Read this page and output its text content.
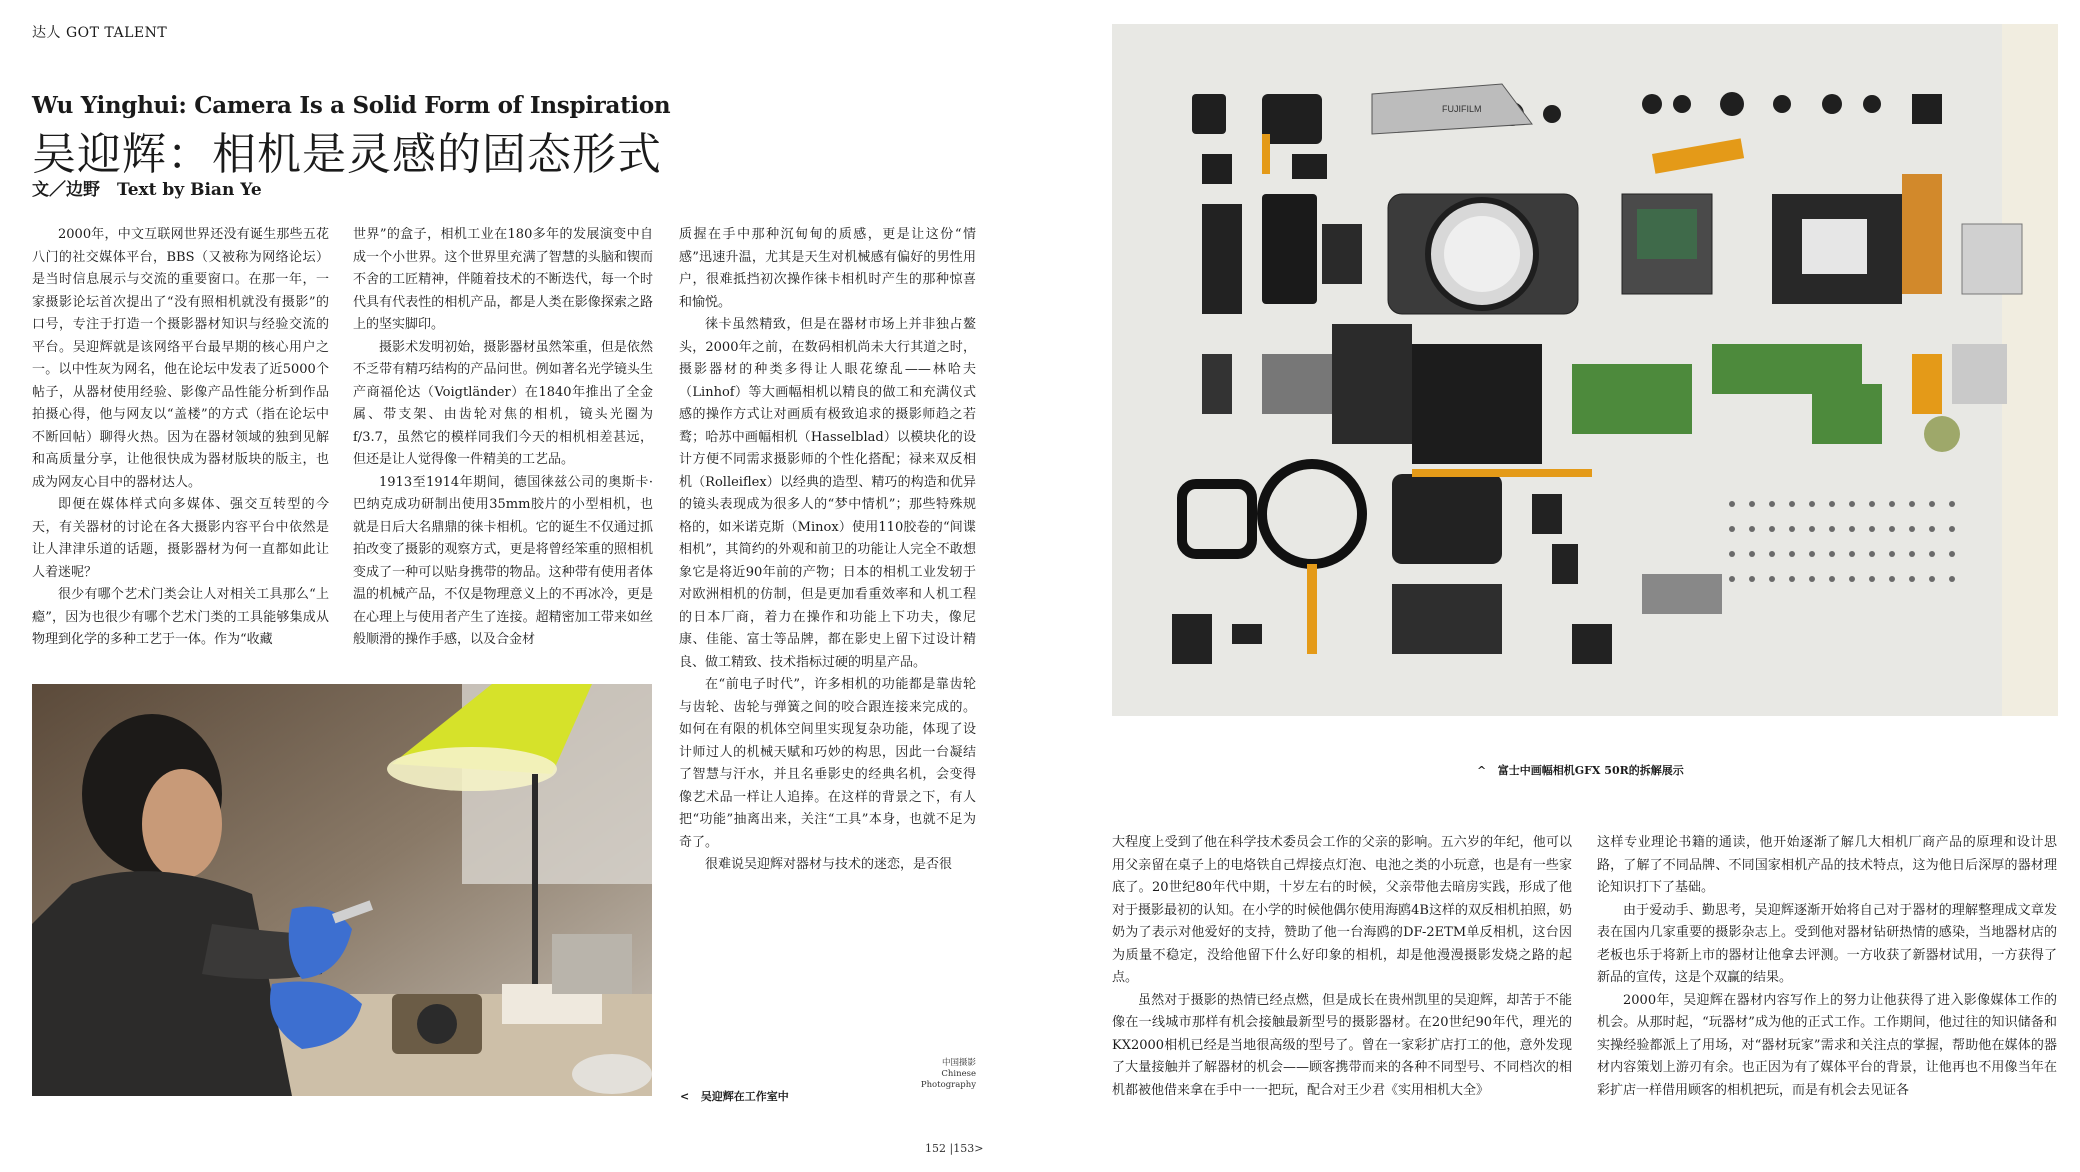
达人 GOT TALENT
Wu Yinghui: Camera Is a Solid Form of Inspiration
吴迎辉：相机是灵感的固态形式
文／边野　Text by Bian Ye

2000年，中文互联网世界还没有诞生那些五花八门的社交媒体平台，BBS（又被称为网络论坛）是当时信息展示与交流的重要窗口。在那一年，一家摄影论坛首次提出了“没有照相机就没有摄影”的口号，专注于打造一个摄影器材知识与经验交流的平台。吴迎辉就是该网络平台最早期的核心用户之一。以中性灰为网名，他在论坛中发表了近5000个帖子，从器材使用经验、影像产品性能分析到作品拍摄心得，他与网友以“盖楼”的方式（指在论坛中不断回帖）聊得火热。因为在器材领域的独到见解和高质量分享，让他很快成为器材版块的版主，也成为网友心目中的器材达人。

即便在媒体样式向多媒体、强交互转型的今天，有关器材的讨论在各大摄影内容平台中依然是让人津津乐道的话题，摄影器材为何一直都如此让人着迷呢？

很少有哪个艺术门类会让人对相关工具那么“上瘾”，因为也很少有哪个艺术门类的工具能够集成从物理到化学的多种工艺于一体。作为“收藏

世界”的盒子，相机工业在180多年的发展演变中自成一个小世界。这个世界里充满了智慧的头脑和锲而不舍的工匠精神，伴随着技术的不断迭代，每一个时代具有代表性的相机产品，都是人类在影像探索之路上的坚实脚印。

摄影术发明初始，摄影器材虽然笨重，但是依然不乏带有精巧结构的产品问世。例如著名光学镜头生产商福伦达（Voigtländer）在1840年推出了全金属、带支架、由齿轮对焦的相机，镜头光圈为f/3.7，虽然它的模样同我们今天的相机相差甚远，但还是让人觉得像一件精美的工艺品。

1913至1914年期间，德国徕兹公司的奥斯卡·巴纳克成功研制出使用35mm胶片的小型相机，也就是日后大名鼎鼎的徕卡相机。它的诞生不仅通过抓拍改变了摄影的观察方式，更是将曾经笨重的照相机变成了一种可以贴身携带的物品。这种带有使用者体温的机械产品，不仅是物理意义上的不再冰冷，更是在心理上与使用者产生了连接。超精密加工带来如丝般顺滑的操作手感，以及合金材

质握在手中那种沉甸甸的质感，更是让这份“情感”迅速升温，尤其是天生对机械感有偏好的男性用户，很难抵挡初次操作徕卡相机时产生的那种惊喜和愉悦。

徕卡虽然精致，但是在器材市场上并非独占鳌头，2000年之前，在数码相机尚未大行其道之时，摄影器材的种类多得让人眼花缭乱——林哈夫（Linhof）等大画幅相机以精良的做工和充满仪式感的操作方式让对画质有极致追求的摄影师趋之若鹜；哈苏中画幅相机（Hasselblad）以模块化的设计方便不同需求摄影师的个性化搭配；禄来双反相机（Rolleiflex）以经典的造型、精巧的构造和优异的镜头表现成为很多人的“梦中情机”；那些特殊规格的，如米诺克斯（Minox）使用110胶卷的“间谍相机”，其简约的外观和前卫的功能让人完全不敢想象它是将近90年前的产物；日本的相机工业发轫于对欧洲相机的仿制，但是更加看重效率和人机工程的日本厂商，着力在操作和功能上下功夫，像尼康、佳能、富士等品牌，都在影史上留下过设计精良、做工精致、技术指标过硬的明星产品。

在“前电子时代”，许多相机的功能都是靠齿轮与齿轮、齿轮与弹簧之间的咬合跟连接来完成的。如何在有限的机体空间里实现复杂功能，体现了设计师过人的机械天赋和巧妙的构思，因此一台凝结了智慧与汗水，并且名垂影史的经典名机，会变得像艺术品一样让人追捧。在这样的背景之下，有人把“功能”抽离出来，关注“工具”本身，也就不足为奇了。

很难说吴迎辉对器材与技术的迷恋，是否很

< 吴迎辉在工作室中
中国摄影
Chinese
Photography
152 |153>
FUJIFILM
^ 富士中画幅相机GFX 50R的拆解展示

大程度上受到了他在科学技术委员会工作的父亲的影响。五六岁的年纪，他可以用父亲留在桌子上的电烙铁自己焊接点灯泡、电池之类的小玩意，也是有一些家底了。20世纪80年代中期，十岁左右的时候，父亲带他去暗房实践，形成了他对于摄影最初的认知。在小学的时候他偶尔使用海鸥4B这样的双反相机拍照，奶奶为了表示对他爱好的支持，赞助了他一台海鸥的DF-2ETM单反相机，这台因为质量不稳定，没给他留下什么好印象的相机，却是他漫漫摄影发烧之路的起点。

虽然对于摄影的热情已经点燃，但是成长在贵州凯里的吴迎辉，却苦于不能像在一线城市那样有机会接触最新型号的摄影器材。在20世纪90年代，理光的KX2000相机已经是当地很高级的型号了。曾在一家彩扩店打工的他，意外发现了大量接触并了解器材的机会——顾客携带而来的各种不同型号、不同档次的相机都被他借来拿在手中一一把玩，配合对王少君《实用相机大全》

这样专业理论书籍的通读，他开始逐渐了解几大相机厂商产品的原理和设计思路，了解了不同品牌、不同国家相机产品的技术特点，这为他日后深厚的器材理论知识打下了基础。

由于爱动手、勤思考，吴迎辉逐渐开始将自己对于器材的理解整理成文章发表在国内几家重要的摄影杂志上。受到他对器材钻研热情的感染，当地器材店的老板也乐于将新上市的器材让他拿去评测。一方收获了新器材试用，一方获得了新品的宣传，这是个双赢的结果。

2000年，吴迎辉在器材内容写作上的努力让他获得了进入影像媒体工作的机会。从那时起，“玩器材”成为他的正式工作。工作期间，他过往的知识储备和实操经验都派上了用场，对“器材玩家”需求和关注点的掌握，帮助他在媒体的器材内容策划上游刃有余。也正因为有了媒体平台的背景，让他再也不用像当年在彩扩店一样借用顾客的相机把玩，而是有机会去见证各
